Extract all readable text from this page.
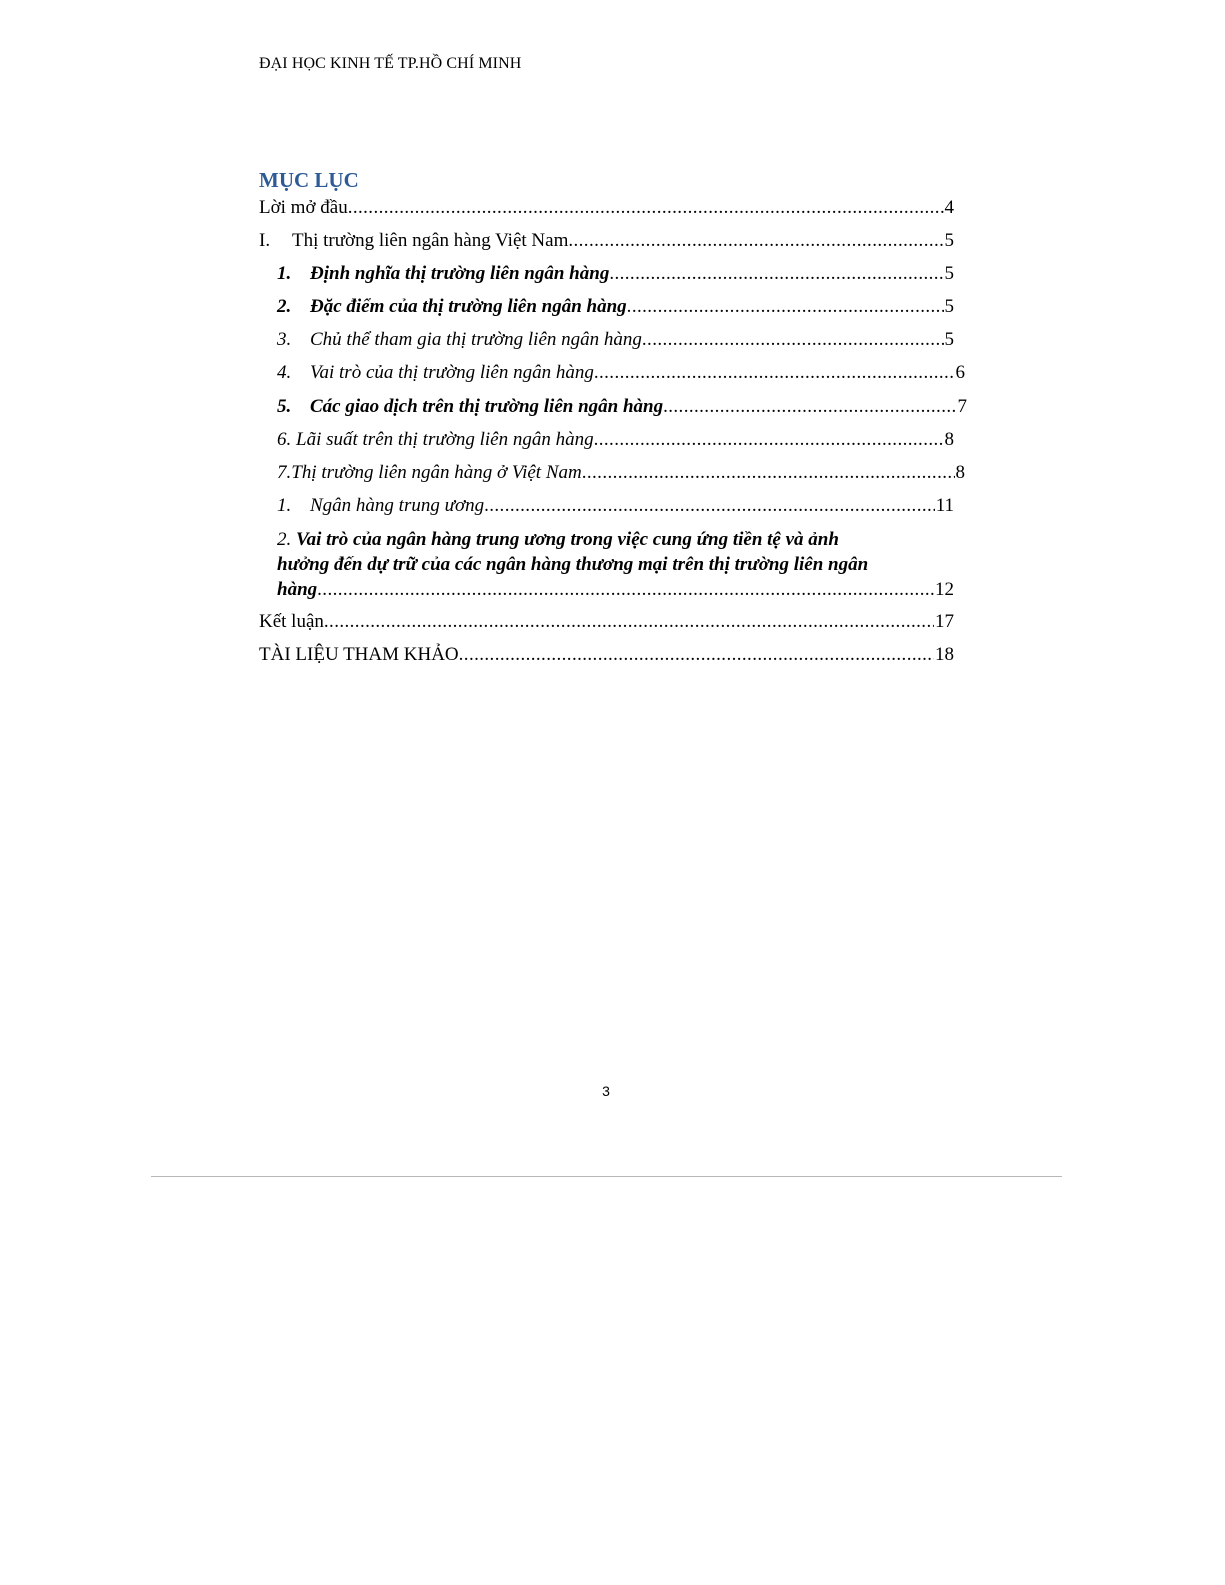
ĐẠI HỌC KINH TẾ TP.HỒ CHÍ MINH
MỤC LỤC
Lời mở đầu .....	4
I. Thị trường liên ngân hàng Việt Nam .....	5
1. Định nghĩa thị trường liên ngân hàng .....	5
2. Đặc điểm của thị trường liên ngân hàng .....	5
3. Chủ thể tham gia thị trường liên ngân hàng .....	5
4. Vai trò của thị trường liên ngân hàng .....	6
5. Các giao dịch trên thị trường liên ngân hàng .....	7
6. Lãi suất trên thị trường liên ngân hàng .....	8
7.Thị trường liên ngân hàng ở Việt Nam .....	8
1. Ngân hàng trung ương .....	11
2. Vai trò của ngân hàng trung ương trong việc cung ứng tiền tệ và ảnh
hưởng đến dự trữ của các ngân hàng thương mại trên thị trường liên ngân
hàng .....	12
Kết luận .....	17
TÀI LIỆU THAM KHẢO .....	18
3
